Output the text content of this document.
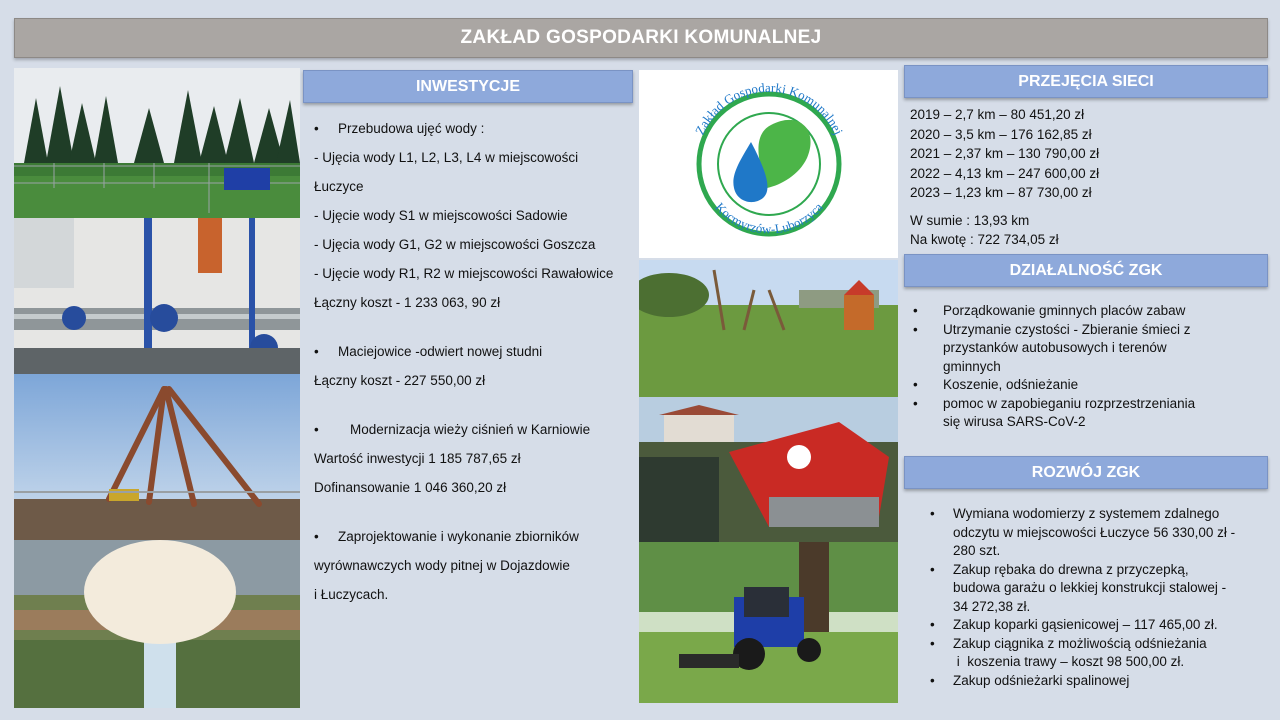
ZAKŁAD GOSPODARKI KOMUNALNEJ
INWESTYCJE

•	Przebudowa ujęć wody :

- Ujęcia wody L1, L2, L3, L4 w miejscowości

Łuczyce

- Ujęcie wody S1 w miejscowości Sadowie

- Ujęcia wody G1, G2 w miejscowości Goszcza

- Ujęcie wody R1, R2 w miejscowości Rawałowice

Łączny koszt - 1 233 063, 90 zł

•	Maciejowice -odwiert nowej studni

Łączny koszt - 227 550,00 zł

•	Modernizacja wieży ciśnień w Karniowie

Wartość inwestycji 1 185 787,65 zł

Dofinansowanie 1 046 360,20 zł

•	Zaprojektowanie i wykonanie zbiorników

wyrównawczych wody pitnej w Dojazdowie

i Łuczycach.

Zakład Gospodarki Komunalnej
Kocmyrzów-Luborzyca
PRZEJĘCIA SIECI

2019 – 2,7 km – 80 451,20 zł

2020 – 3,5 km – 176 162,85 zł

2021 – 2,37 km – 130 790,00 zł

2022 – 4,13 km – 247 600,00 zł

2023 – 1,23 km – 87 730,00 zł

W sumie : 13,93 km

Na kwotę : 722 734,05 zł

DZIAŁALNOŚĆ ZGK
•	Porządkowanie gminnych placów zabaw
•	Utrzymanie czystości - Zbieranie śmieci z
przystanków autobusowych i terenów
gminnych
•	Koszenie, odśnieżanie
•	pomoc w zapobieganiu rozprzestrzeniania
się wirusa SARS-CoV-2
ROZWÓJ ZGK
•	Wymiana wodomierzy z systemem zdalnego
odczytu w miejscowości Łuczyce 56 330,00 zł -
280 szt.
•	Zakup rębaka do drewna z przyczepką,
budowa garażu o lekkiej konstrukcji stalowej -
34 272,38 zł.
•	Zakup koparki gąsienicowej – 117 465,00 zł.
•	Zakup ciągnika z możliwością odśnieżania
i  koszenia trawy – koszt 98 500,00 zł.
•	Zakup odśnieżarki spalinowej
